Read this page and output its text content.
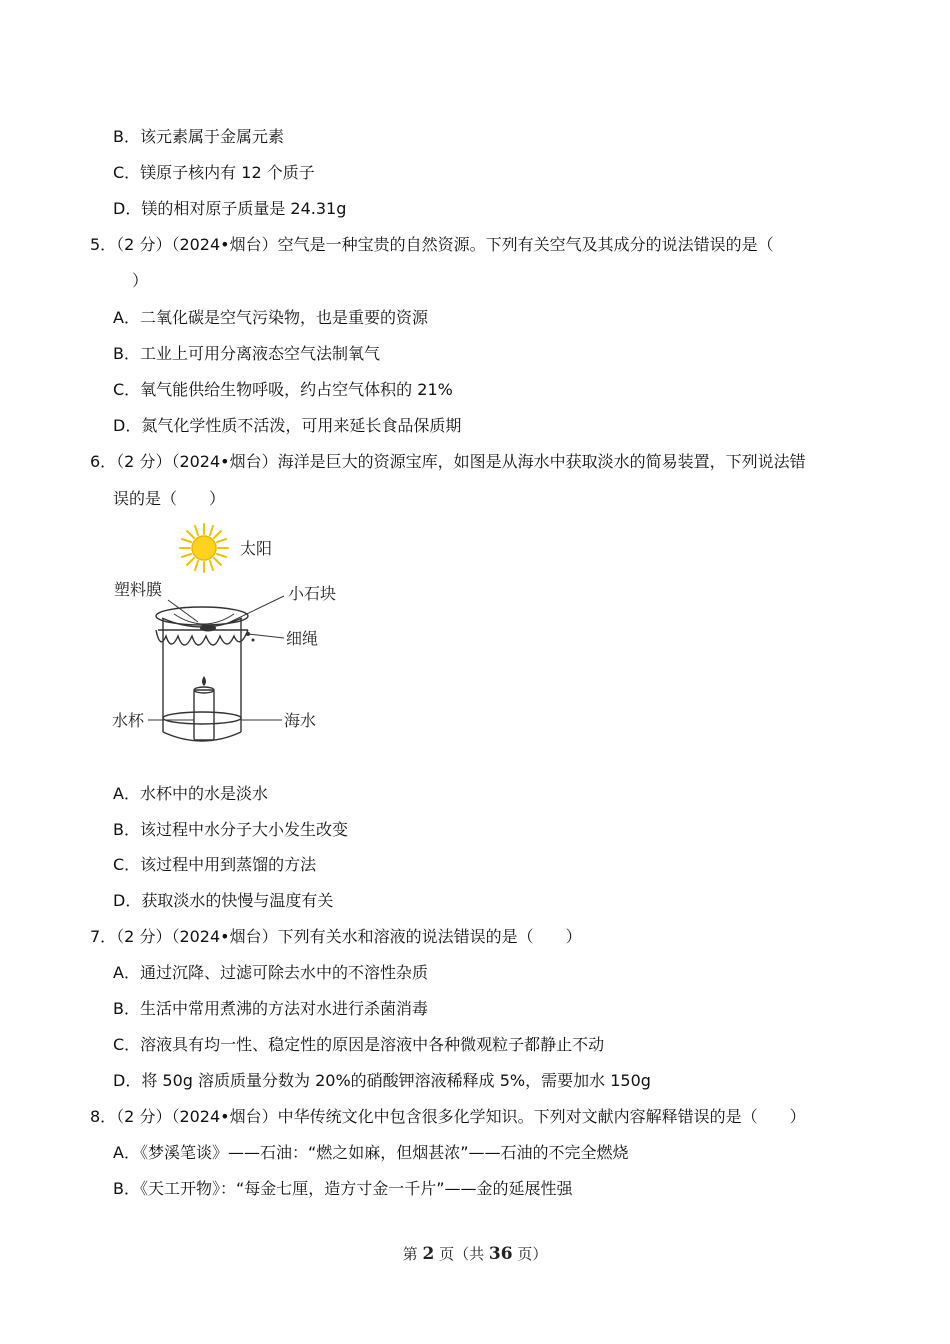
B．该元素属于金属元素
C．镁原子核内有 12 个质子
D．镁的相对原子质量是 24.31g
5．（2 分）（2024•烟台）空气是一种宝贵的自然资源。下列有关空气及其成分的说法错误的是（
）
A．二氧化碳是空气污染物，也是重要的资源
B．工业上可用分离液态空气法制氧气
C．氧气能供给生物呼吸，约占空气体积的 21%
D．氮气化学性质不活泼，可用来延长食品保质期
6．（2 分）（2024•烟台）海洋是巨大的资源宝库，如图是从海水中获取淡水的简易装置，下列说法错
误的是（　　）
太阳
塑料膜	小石块
细绳
水杯	海水
A．水杯中的水是淡水
B．该过程中水分子大小发生改变
C．该过程中用到蒸馏的方法
D．获取淡水的快慢与温度有关
7．（2 分）（2024•烟台）下列有关水和溶液的说法错误的是（　　）
A．通过沉降、过滤可除去水中的不溶性杂质
B．生活中常用煮沸的方法对水进行杀菌消毒
C．溶液具有均一性、稳定性的原因是溶液中各种微观粒子都静止不动
D．将 50g 溶质质量分数为 20%的硝酸钾溶液稀释成 5%，需要加水 150g
8．（2 分）（2024•烟台）中华传统文化中包含很多化学知识。下列对文献内容解释错误的是（　　）
A．《梦溪笔谈》——石油：“燃之如麻，但烟甚浓”——石油的不完全燃烧
B．《天工开物》：“每金七厘，造方寸金一千片”——金的延展性强
第 2 页（共 36 页）
